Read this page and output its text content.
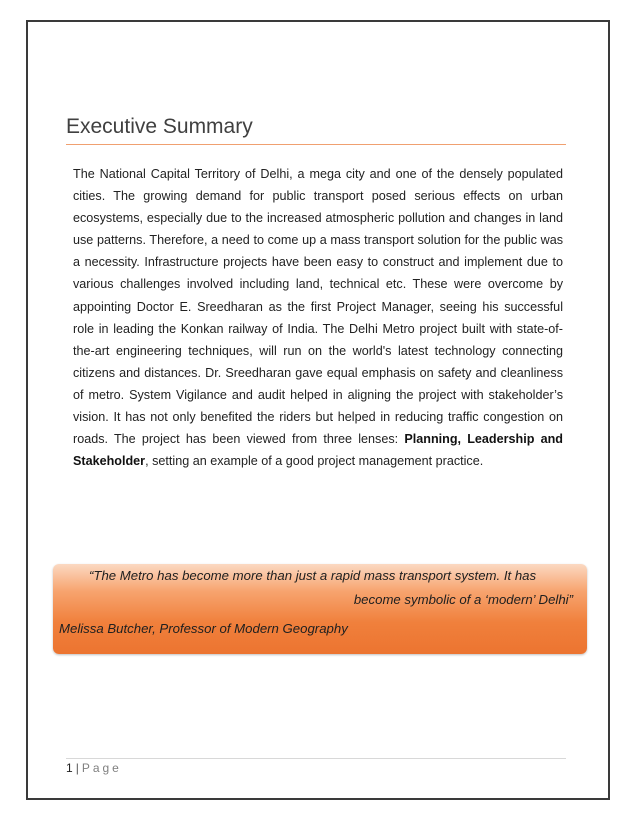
Executive Summary

The National Capital Territory of Delhi, a mega city and one of the densely populated cities. The growing demand for public transport posed serious effects on urban ecosystems, especially due to the increased atmospheric pollution and changes in land use patterns. Therefore, a need to come up a mass transport solution for the public was a necessity. Infrastructure projects have been easy to construct and implement due to various challenges involved including land, technical etc. These were overcome by appointing Doctor E. Sreedharan as the first Project Manager, seeing his successful role in leading the Konkan railway of India. The Delhi Metro project built with state-of-the-art engineering techniques, will run on the world's latest technology connecting citizens and distances. Dr. Sreedharan gave equal emphasis on safety and cleanliness of metro. System Vigilance and audit helped in aligning the project with stakeholder’s vision. It has not only benefited the riders but helped in reducing traffic congestion on roads. The project has been viewed from three lenses: Planning, Leadership and Stakeholder, setting an example of a good project management practice.

“The Metro has become more than just a rapid mass transport system. It has
become symbolic of a ‘modern’ Delhi”
Melissa Butcher, Professor of Modern Geography
1 | Page
